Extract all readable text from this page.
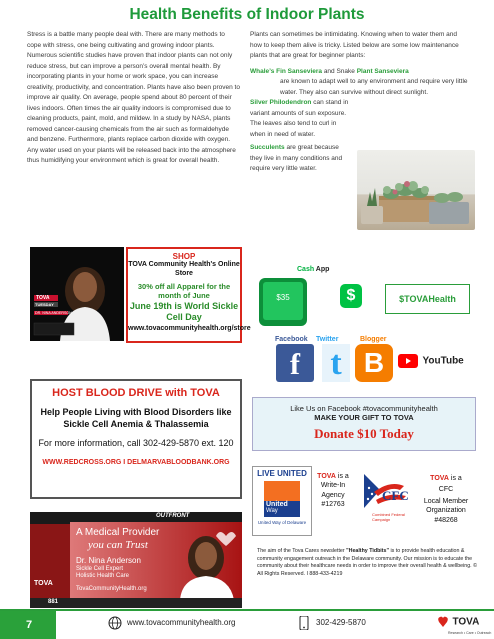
Health Benefits of Indoor Plants
Stress is a battle many people deal with. There are many methods to cope with stress, one being cultivating and growing indoor plants. Numerous scientific studies have proven that indoor plants can not only reduce stress, but can improve a person’s overall mental health. By incorporating plants in your home or work space, you can increase creativity, productivity, and concentration. Plants have also been proven to improve air quality. On average, people spend about 80 percent of their lives indoors. Often times the air quality indoors is compromised due to cleaning products, paint, mold, and mildew. In a study by NASA, plants removed cancer-causing chemicals from the air such as formaldehyde and benzene. Furthermore, plants replace carbon dioxide with oxygen. Any water used on your plants will be released back into the atmosphere thus humidifying your environment which is great for overall health.
Plants can sometimes be intimidating. Knowing when to water them and how to keep them alive is tricky. Listed below are some low maintenance plants that are great for beginner plants:
Whale’s Fin Sanseviera and Snake Plant Sanseviera
are known to adapt well to any environment and require very little water. They also can survive without direct sunlight.
Silver Philodendron can stand in variant amounts of sun exposure. The leaves also tend to curl in when in need of water.
Succulents are great because they live in many conditions and require very little water.
TOVA
TUESDAY
DR. NINA ANDERSON
SHOP
TOVA Community Health's Online Store
30% off all Apparel for the month of June
June 19th is World Sickle Cell Day
www.tovacommunityhealth.org/store
Cash App
$35	$	$TOVAHealth
Facebook Twitter	Blogger
f t B	YouTube
HOST BLOOD DRIVE with TOVA
Help People Living with Blood Disorders like Sickle Cell Anemia & Thalassemia
For more information, call 302-429-5870 ext. 120
WWW.REDCROSS.ORG I DELMARVABLOODBANK.ORG
Like Us on Facebook #tovacommunityhealth
MAKE YOUR GIFT TO TOVA
Donate $10 Today
LIVE UNITED
United
Way
United Way of Delaware
TOVA is a
Write-In Agency
#12763
CFC
Combined Federal Campaign
TOVA is a
CFC
Local Member Organization
#48268
The aim of the Tova Cares newsletter "Healthy Tidbits" is to provide health education & community engagement outreach in the Delaware community. Our mission is to educate the community about their healthcare needs in order to improve their overall health & wellbeing. © All Rights Reserved. I 888-433-4219
OUTFRONT
A Medical Provider
you can Trust
Dr. Nina Anderson
Sickle Cell Expert
Holistic Health Care
TOVA
TovaCommunityHealth.org
881
7	www.tovacommunityhealth.org	302-429-5870	TOVA
Research • Care • Outreach
